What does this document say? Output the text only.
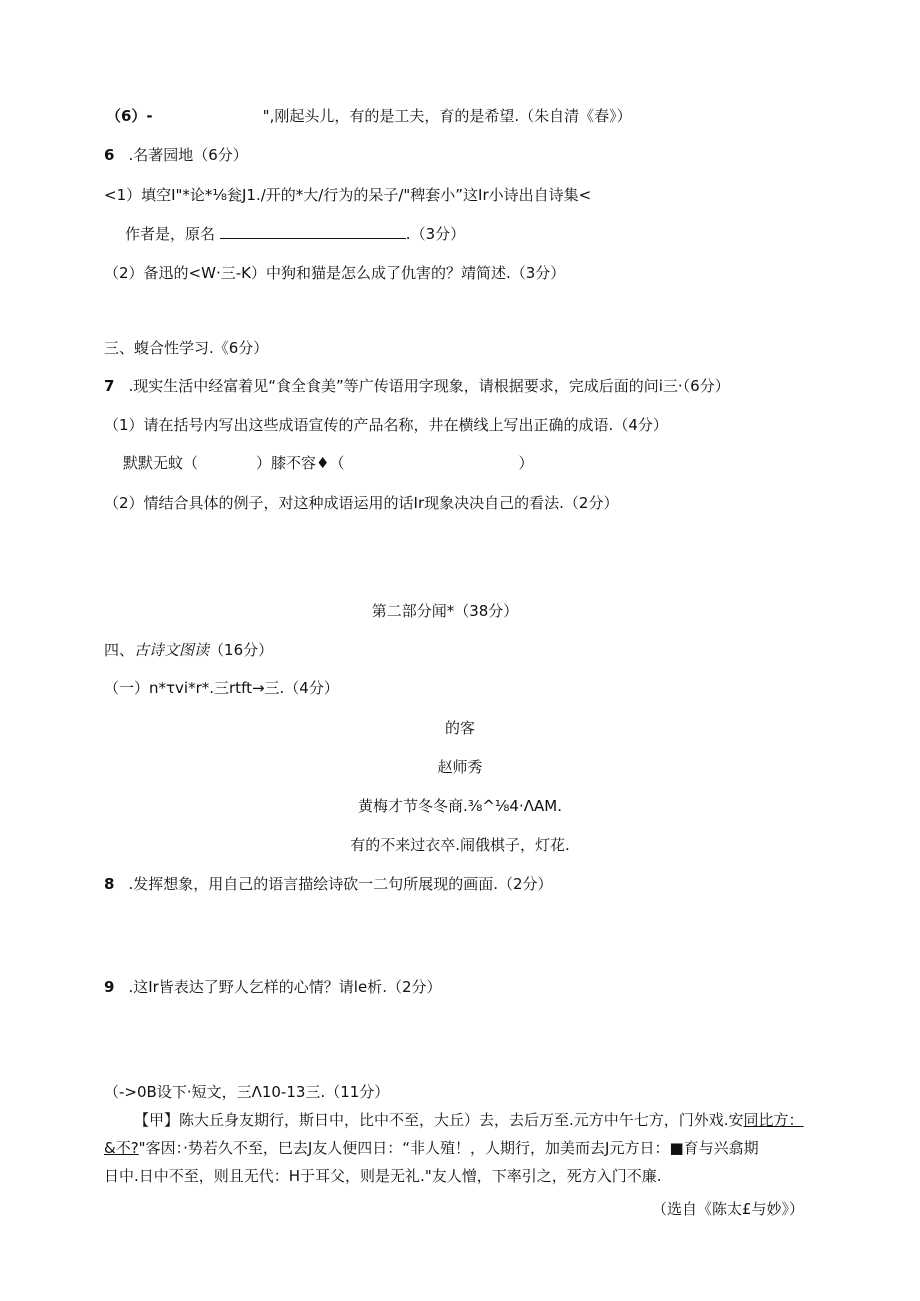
（6）-	",刚起头儿，有的是工夫，育的是希望.（朱自清《春》）
6 .名著园地（6分）
<1）填空I"*论*⅛瓮J1./开的*大/行为的呆子/"稗套小”这Ir小诗出自诗集<
作者是，原名	.（3分）
（2）备迅的<W·三-K）中狗和猫是怎么成了仇害的？靖简述.（3分）
三、蝮合性学习.《6分）
7 .现实生活中经富着见“食全食美”等广传语用字现象，请根据要求，完成后面的问i三·（6分）
（1）请在括号内写出这些成语宣传的产品名称，井在横线上写出正确的成语.（4分）
默默无蚊（	）膝不容♦（	）
（2）情结合具体的例子，对这种成语运用的话Ir现象决决自己的看法.（2分）
第二部分闻*（38分）
四、古诗文图读（16分）
（一）n*τvi*r*.三rtft→三.（4分）
的客
赵师秀
黄梅才节冬冬商.⅜^⅛4·ΛAM.
有的不来过衣卒.闹俄棋子，灯花.
8 .发挥想象，用自己的语言描绘诗砍一二句所展现的画面.（2分）
9 .这Ir皆表达了野人乞样的心情？请le析.（2分）
（->0B设下·短文，三Λ10-13三.（11分）
【甲】陈大丘身友期行，斯日中，比中不至，大丘）去，去后万至.元方中午七方，门外戏.安同比方：
&不?"客因：·势若久不至，巳去J友人便四日：“非人殖！，人期行，加美而去J元方日：■育与兴翕期
日中.日中不至，则且无代：H于耳父，则是无礼."友人憎，下率引之，死方入门不廉.
（选自《陈太£与妙》）
